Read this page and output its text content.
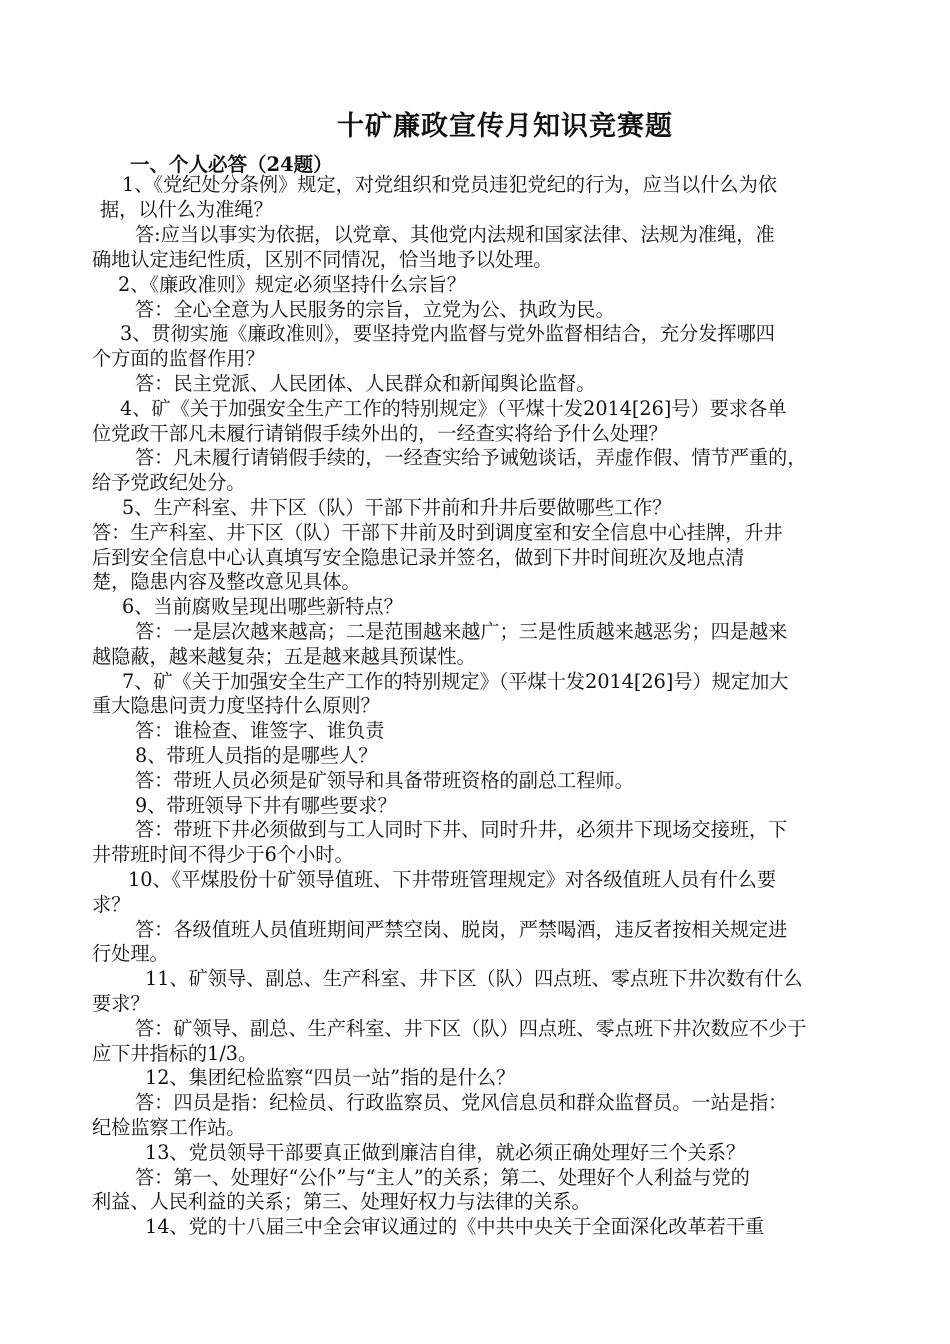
十矿廉政宣传月知识竞赛题
一、个人必答（24题）
1、《党纪处分条例》规定，对党组织和党员违犯党纪的行为，应当以什么为依
据，以什么为准绳？
答:应当以事实为依据，以党章、其他党内法规和国家法律、法规为准绳，准
确地认定违纪性质，区别不同情况，恰当地予以处理。
2、《廉政准则》规定必须坚持什么宗旨？
答：全心全意为人民服务的宗旨，立党为公、执政为民。
3、贯彻实施《廉政准则》，要坚持党内监督与党外监督相结合，充分发挥哪四
个方面的监督作用？
答：民主党派、人民团体、人民群众和新闻舆论监督。
4、矿《关于加强安全生产工作的特别规定》（平煤十发2014[26]号）要求各单
位党政干部凡未履行请销假手续外出的，一经查实将给予什么处理？
答：凡未履行请销假手续的，一经查实给予诫勉谈话，弄虚作假、情节严重的，
给予党政纪处分。
5、生产科室、井下区（队）干部下井前和升井后要做哪些工作？
答：生产科室、井下区（队）干部下井前及时到调度室和安全信息中心挂牌，升井
后到安全信息中心认真填写安全隐患记录并签名，做到下井时间班次及地点清
楚，隐患内容及整改意见具体。
6、当前腐败呈现出哪些新特点？
答：一是层次越来越高；二是范围越来越广；三是性质越来越恶劣；四是越来
越隐蔽，越来越复杂；五是越来越具预谋性。
7、矿《关于加强安全生产工作的特别规定》（平煤十发2014[26]号）规定加大
重大隐患问责力度坚持什么原则？
答：谁检查、谁签字、谁负责
8、带班人员指的是哪些人？
答：带班人员必须是矿领导和具备带班资格的副总工程师。
9、带班领导下井有哪些要求？
答：带班下井必须做到与工人同时下井、同时升井，必须井下现场交接班，下
井带班时间不得少于6个小时。
10、《平煤股份十矿领导值班、下井带班管理规定》对各级值班人员有什么要
求？
答：各级值班人员值班期间严禁空岗、脱岗，严禁喝酒，违反者按相关规定进
行处理。
11、矿领导、副总、生产科室、井下区（队）四点班、零点班下井次数有什么
要求？
答：矿领导、副总、生产科室、井下区（队）四点班、零点班下井次数应不少于
应下井指标的1/3。
12、集团纪检监察“四员一站”指的是什么？
答：四员是指：纪检员、行政监察员、党风信息员和群众监督员。一站是指：
纪检监察工作站。
13、党员领导干部要真正做到廉洁自律，就必须正确处理好三个关系？
答：第一、处理好“公仆”与“主人”的关系；第二、处理好个人利益与党的
利益、人民利益的关系；第三、处理好权力与法律的关系。
14、党的十八届三中全会审议通过的《中共中央关于全面深化改革若干重
